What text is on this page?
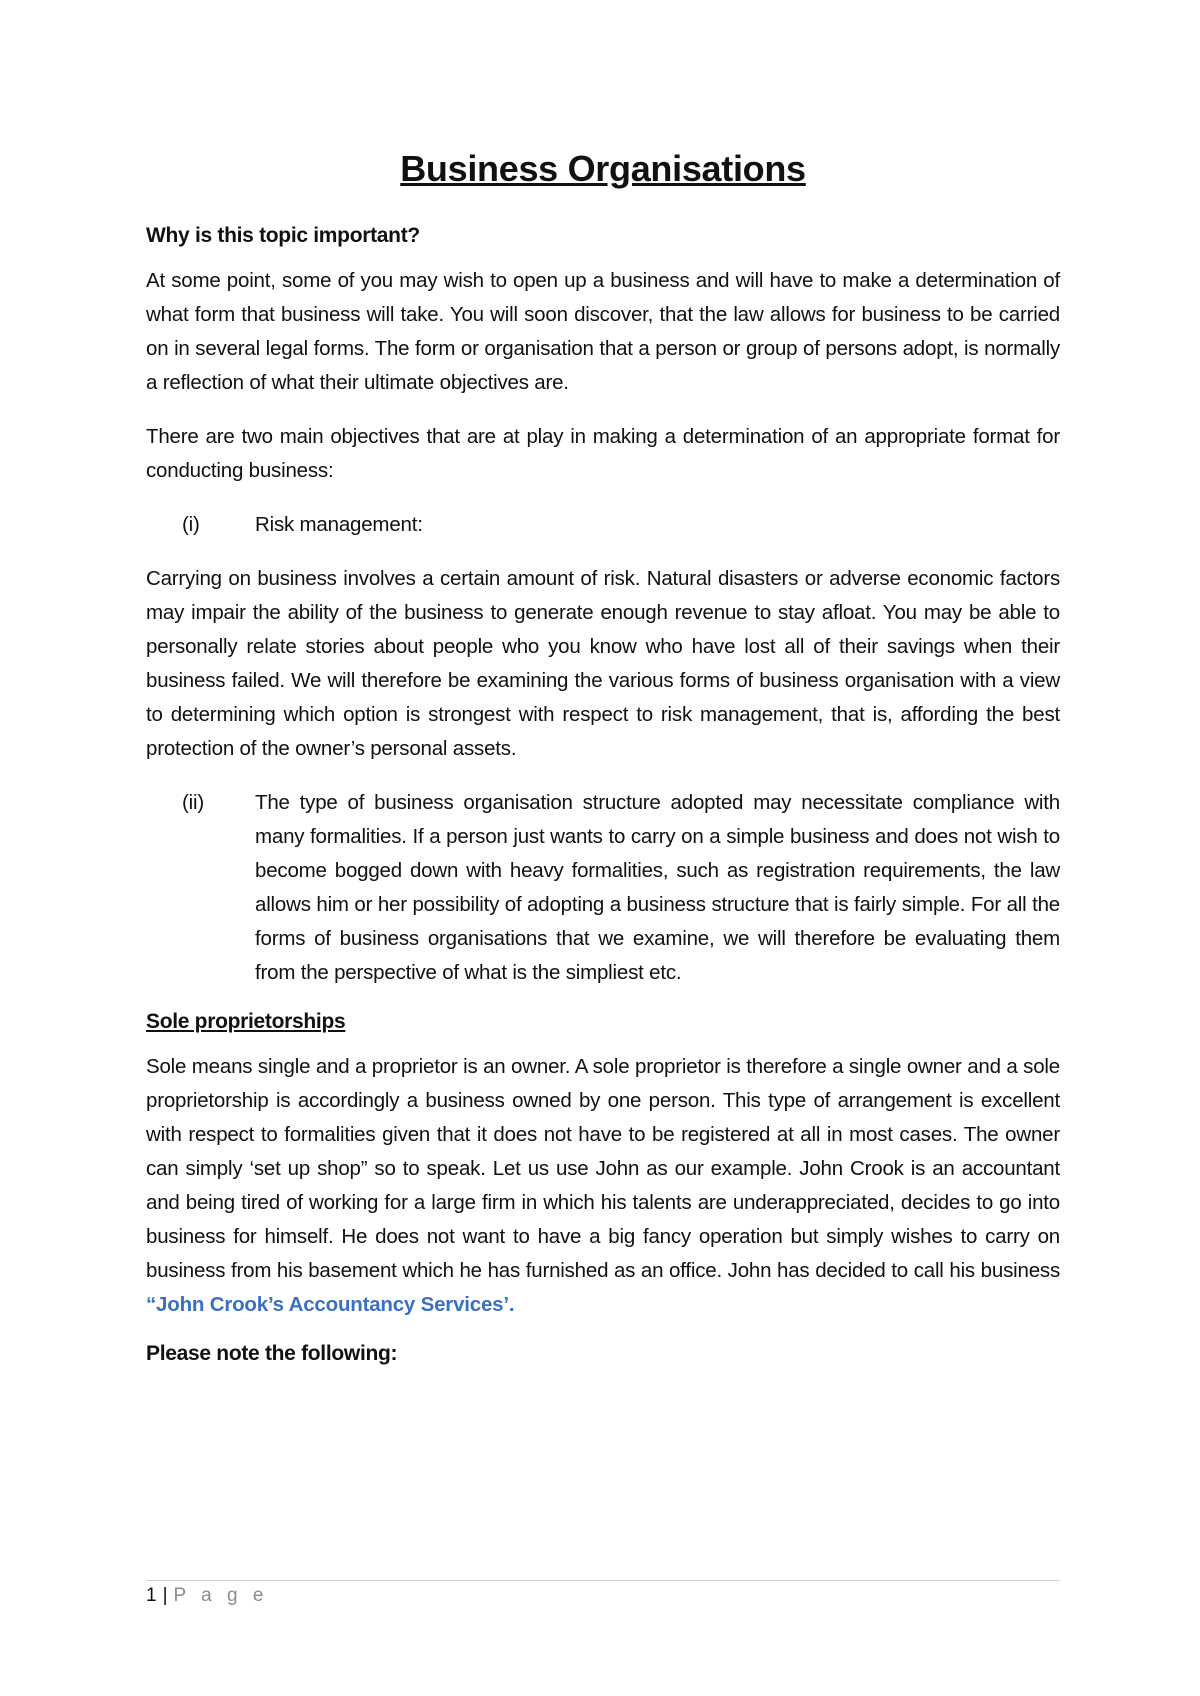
Business Organisations

Why is this topic important?

At some point, some of you may wish to open up a business and will have to make a determination of what form that business will take. You will soon discover, that the law allows for business to be carried on in several legal forms. The form or organisation that a person or group of persons adopt, is normally a reflection of what their ultimate objectives are.

There are two main objectives that are at play in making a determination of an appropriate format for conducting business:

(i)	Risk management:

Carrying on business involves a certain amount of risk. Natural disasters or adverse economic factors may impair the ability of the business to generate enough revenue to stay afloat. You may be able to personally relate stories about people who you know who have lost all of their savings when their business failed. We will therefore be examining the various forms of business organisation with a view to determining which option is strongest with respect to risk management, that is, affording the best protection of the owner’s personal assets.

(ii)	The type of business organisation structure adopted may necessitate compliance with many formalities. If a person just wants to carry on a simple business and does not wish to become bogged down with heavy formalities, such as registration requirements, the law allows him or her possibility of adopting a business structure that is fairly simple. For all the forms of business organisations that we examine, we will therefore be evaluating them from the perspective of what is the simpliest etc.

Sole proprietorships

Sole means single and a proprietor is an owner. A sole proprietor is therefore a single owner and a sole proprietorship is accordingly a business owned by one person. This type of arrangement is excellent with respect to formalities given that it does not have to be registered at all in most cases. The owner can simply ‘set up shop” so to speak. Let us use John as our example. John Crook is an accountant and being tired of working for a large firm in which his talents are underappreciated, decides to go into business for himself. He does not want to have a big fancy operation but simply wishes to carry on business from his basement which he has furnished as an office. John has decided to call his business “John Crook’s Accountancy Services’.

Please note the following:

1 | P a g e
